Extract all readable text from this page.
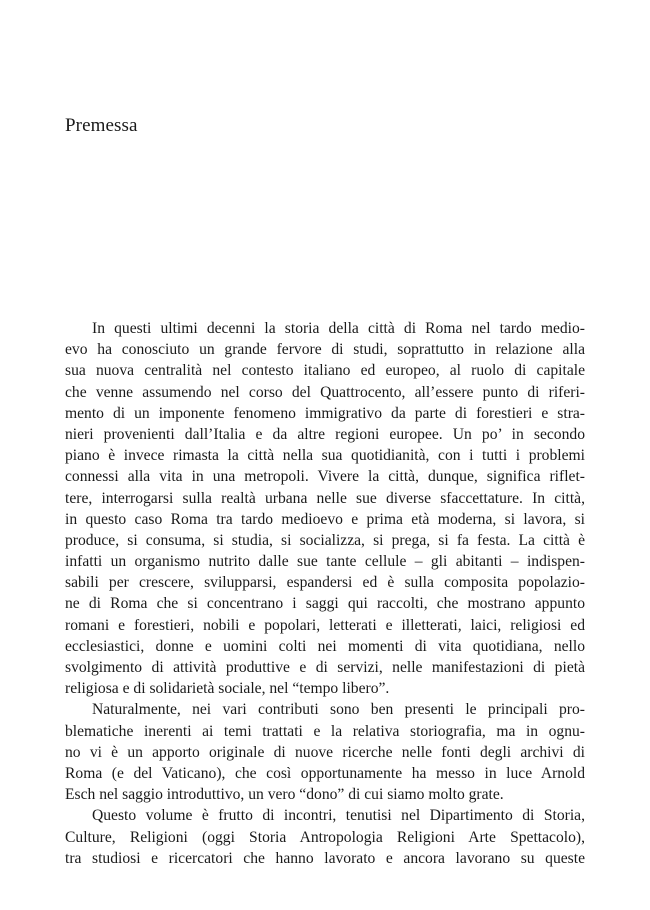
Premessa
In questi ultimi decenni la storia della città di Roma nel tardo medio-
evo ha conosciuto un grande fervore di studi, soprattutto in relazione alla
sua nuova centralità nel contesto italiano ed europeo, al ruolo di capitale
che venne assumendo nel corso del Quattrocento, all’essere punto di riferi-
mento di un imponente fenomeno immigrativo da parte di forestieri e stra-
nieri provenienti dall’Italia e da altre regioni europee. Un po’ in secondo
piano è invece rimasta la città nella sua quotidianità, con i tutti i problemi
connessi alla vita in una metropoli. Vivere la città, dunque, significa riflet-
tere, interrogarsi sulla realtà urbana nelle sue diverse sfaccettature. In città,
in questo caso Roma tra tardo medioevo e prima età moderna, si lavora, si
produce, si consuma, si studia, si socializza, si prega, si fa festa. La città è
infatti un organismo nutrito dalle sue tante cellule – gli abitanti – indispen-
sabili per crescere, svilupparsi, espandersi ed è sulla composita popolazio-
ne di Roma che si concentrano i saggi qui raccolti, che mostrano appunto
romani e forestieri, nobili e popolari, letterati e illetterati, laici, religiosi ed
ecclesiastici, donne e uomini colti nei momenti di vita quotidiana, nello
svolgimento di attività produttive e di servizi, nelle manifestazioni di pietà
religiosa e di solidarietà sociale, nel “tempo libero”.
Naturalmente, nei vari contributi sono ben presenti le principali pro-
blematiche inerenti ai temi trattati e la relativa storiografia, ma in ognu-
no vi è un apporto originale di nuove ricerche nelle fonti degli archivi di
Roma (e del Vaticano), che così opportunamente ha messo in luce Arnold
Esch nel saggio introduttivo, un vero “dono” di cui siamo molto grate.
Questo volume è frutto di incontri, tenutisi nel Dipartimento di Storia,
Culture, Religioni (oggi Storia Antropologia Religioni Arte Spettacolo),
tra studiosi e ricercatori che hanno lavorato e ancora lavorano su queste
